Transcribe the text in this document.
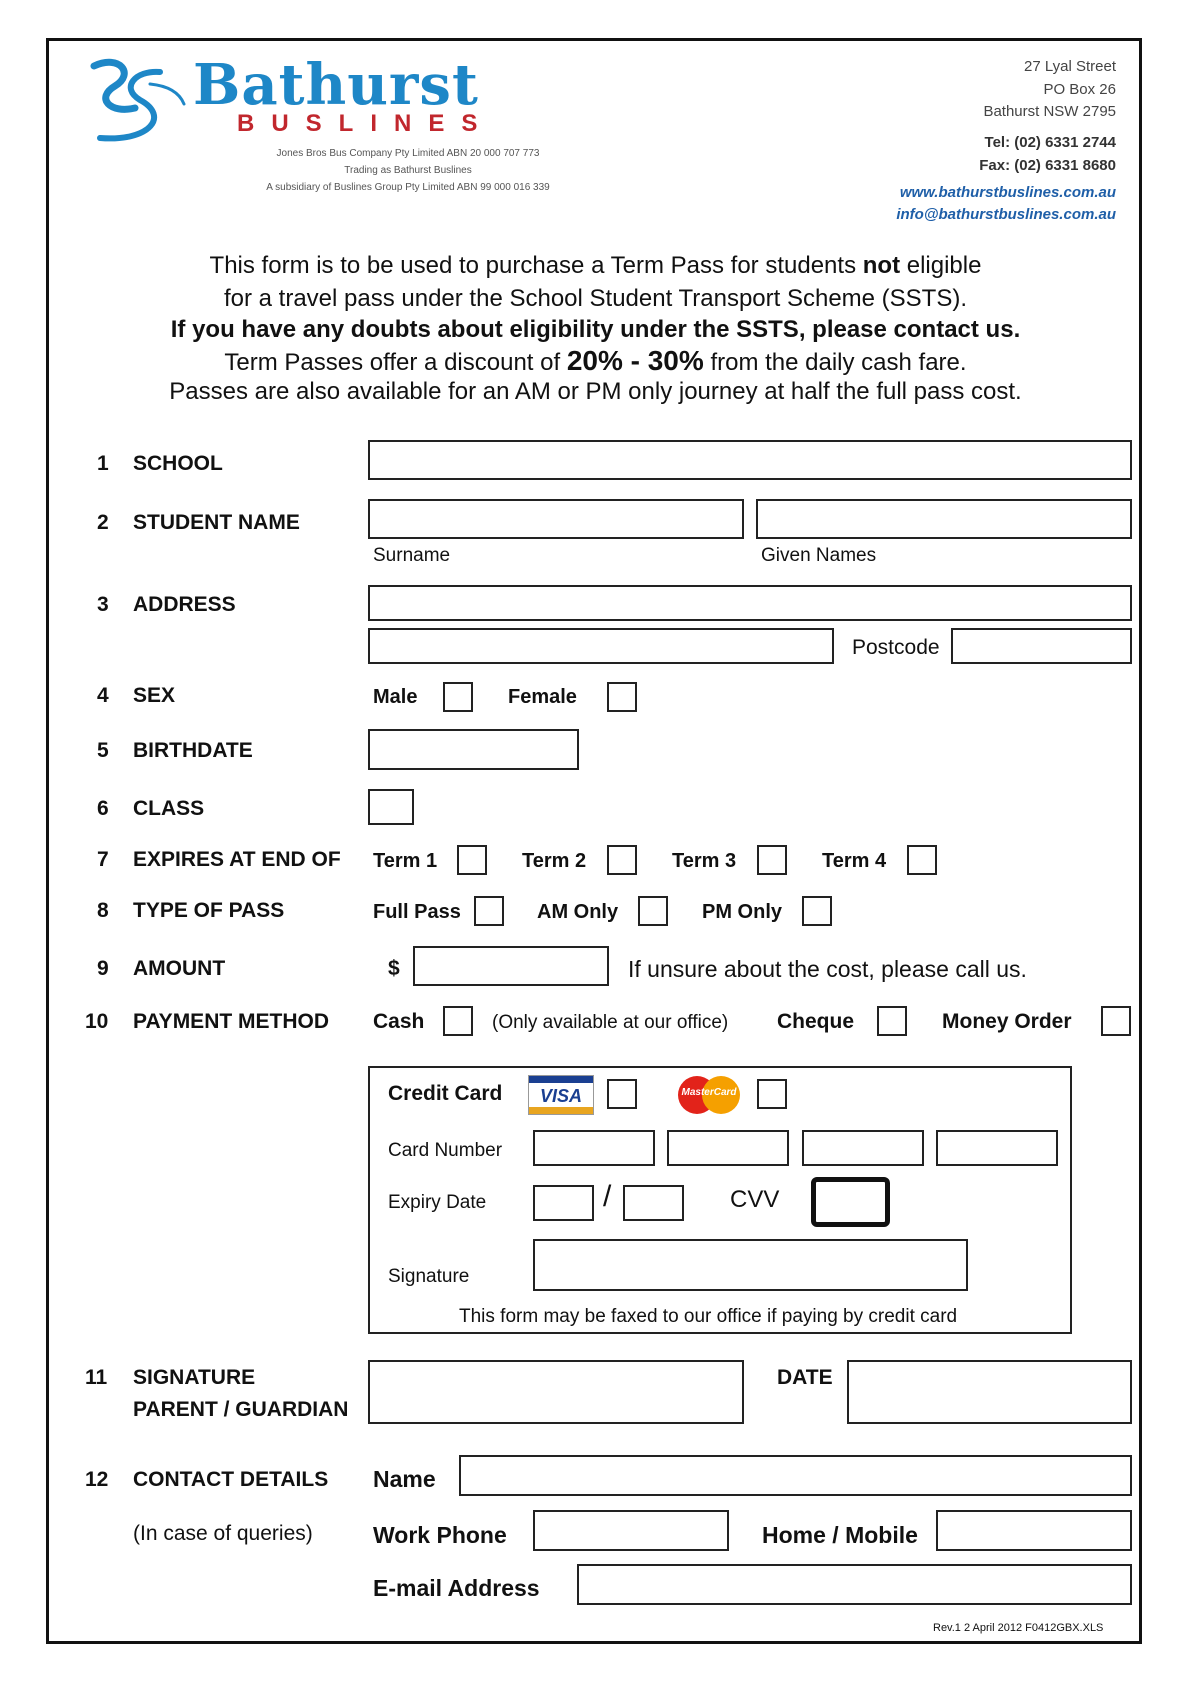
Bathurst
BUSLINES
Jones Bros Bus Company Pty Limited ABN 20 000 707 773
Trading as Bathurst Buslines
A subsidiary of Buslines Group Pty Limited ABN 99 000 016 339
27 Lyal Street
PO Box 26
Bathurst NSW 2795
Tel: (02) 6331 2744
Fax: (02) 6331 8680
www.bathurstbuslines.com.au
info@bathurstbuslines.com.au
This form is to be used to purchase a Term Pass for students not eligible
for a travel pass under the School Student Transport Scheme (SSTS).
If you have any doubts about eligibility under the SSTS, please contact us.
Term Passes offer a discount of 20% - 30% from the daily cash fare.
Passes are also available for an AM or PM only journey at half the full pass cost.
1 SCHOOL
2 STUDENT NAME
Surname	Given Names
3 ADDRESS
Postcode
4 SEX	Male	Female
5 BIRTHDATE
6 CLASS
7 EXPIRES AT END OF Term 1	Term 2	Term 3	Term 4
8 TYPE OF PASS	Full Pass	AM Only	PM Only
9 AMOUNT	$	If unsure about the cost, please call us.
10 PAYMENT METHOD Cash	(Only available at our office) Cheque	Money Order
Credit Card	VISA	MasterCard
Card Number
Expiry Date	/	CVV
Signature
This form may be faxed to our office if paying by credit card
11 SIGNATURE
PARENT / GUARDIAN
DATE
12 CONTACT DETAILS
(In case of queries)
Name
Work Phone	Home / Mobile
E-mail Address
Rev.1 2 April 2012 F0412GBX.XLS
